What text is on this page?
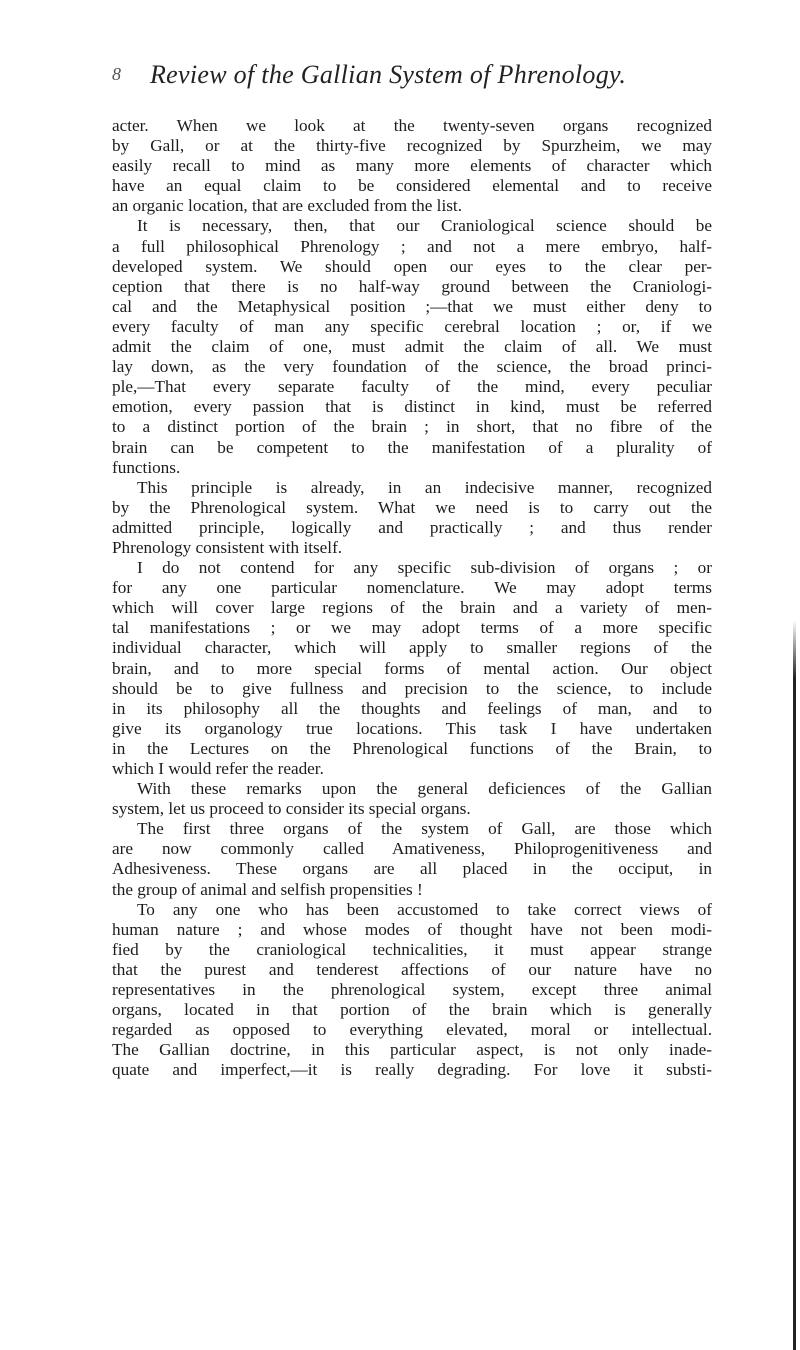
8 Review of the Gallian System of Phrenology.
acter. When we look at the twenty-seven organs recognized
by Gall, or at the thirty-five recognized by Spurzheim, we may
easily recall to mind as many more elements of character which
have an equal claim to be considered elemental and to receive
an organic location, that are excluded from the list.
It is necessary, then, that our Craniological science should be
a full philosophical Phrenology ; and not a mere embryo, half-
developed system. We should open our eyes to the clear per-
ception that there is no half-way ground between the Craniologi-
cal and the Metaphysical position ;—that we must either deny to
every faculty of man any specific cerebral location ; or, if we
admit the claim of one, must admit the claim of all. We must
lay down, as the very foundation of the science, the broad princi-
ple,—That every separate faculty of the mind, every peculiar
emotion, every passion that is distinct in kind, must be referred
to a distinct portion of the brain ; in short, that no fibre of the
brain can be competent to the manifestation of a plurality of
functions.
This principle is already, in an indecisive manner, recognized
by the Phrenological system. What we need is to carry out the
admitted principle, logically and practically ; and thus render
Phrenology consistent with itself.
I do not contend for any specific sub-division of organs ; or
for any one particular nomenclature. We may adopt terms
which will cover large regions of the brain and a variety of men-
tal manifestations ; or we may adopt terms of a more specific
individual character, which will apply to smaller regions of the
brain, and to more special forms of mental action. Our object
should be to give fullness and precision to the science, to include
in its philosophy all the thoughts and feelings of man, and to
give its organology true locations. This task I have undertaken
in the Lectures on the Phrenological functions of the Brain, to
which I would refer the reader.
With these remarks upon the general deficiences of the Gallian
system, let us proceed to consider its special organs.
The first three organs of the system of Gall, are those which
are now commonly called Amativeness, Philoprogenitiveness and
Adhesiveness. These organs are all placed in the occiput, in
the group of animal and selfish propensities !
To any one who has been accustomed to take correct views of
human nature ; and whose modes of thought have not been modi-
fied by the craniological technicalities, it must appear strange
that the purest and tenderest affections of our nature have no
representatives in the phrenological system, except three animal
organs, located in that portion of the brain which is generally
regarded as opposed to everything elevated, moral or intellectual.
The Gallian doctrine, in this particular aspect, is not only inade-
quate and imperfect,—it is really degrading. For love it substi-
